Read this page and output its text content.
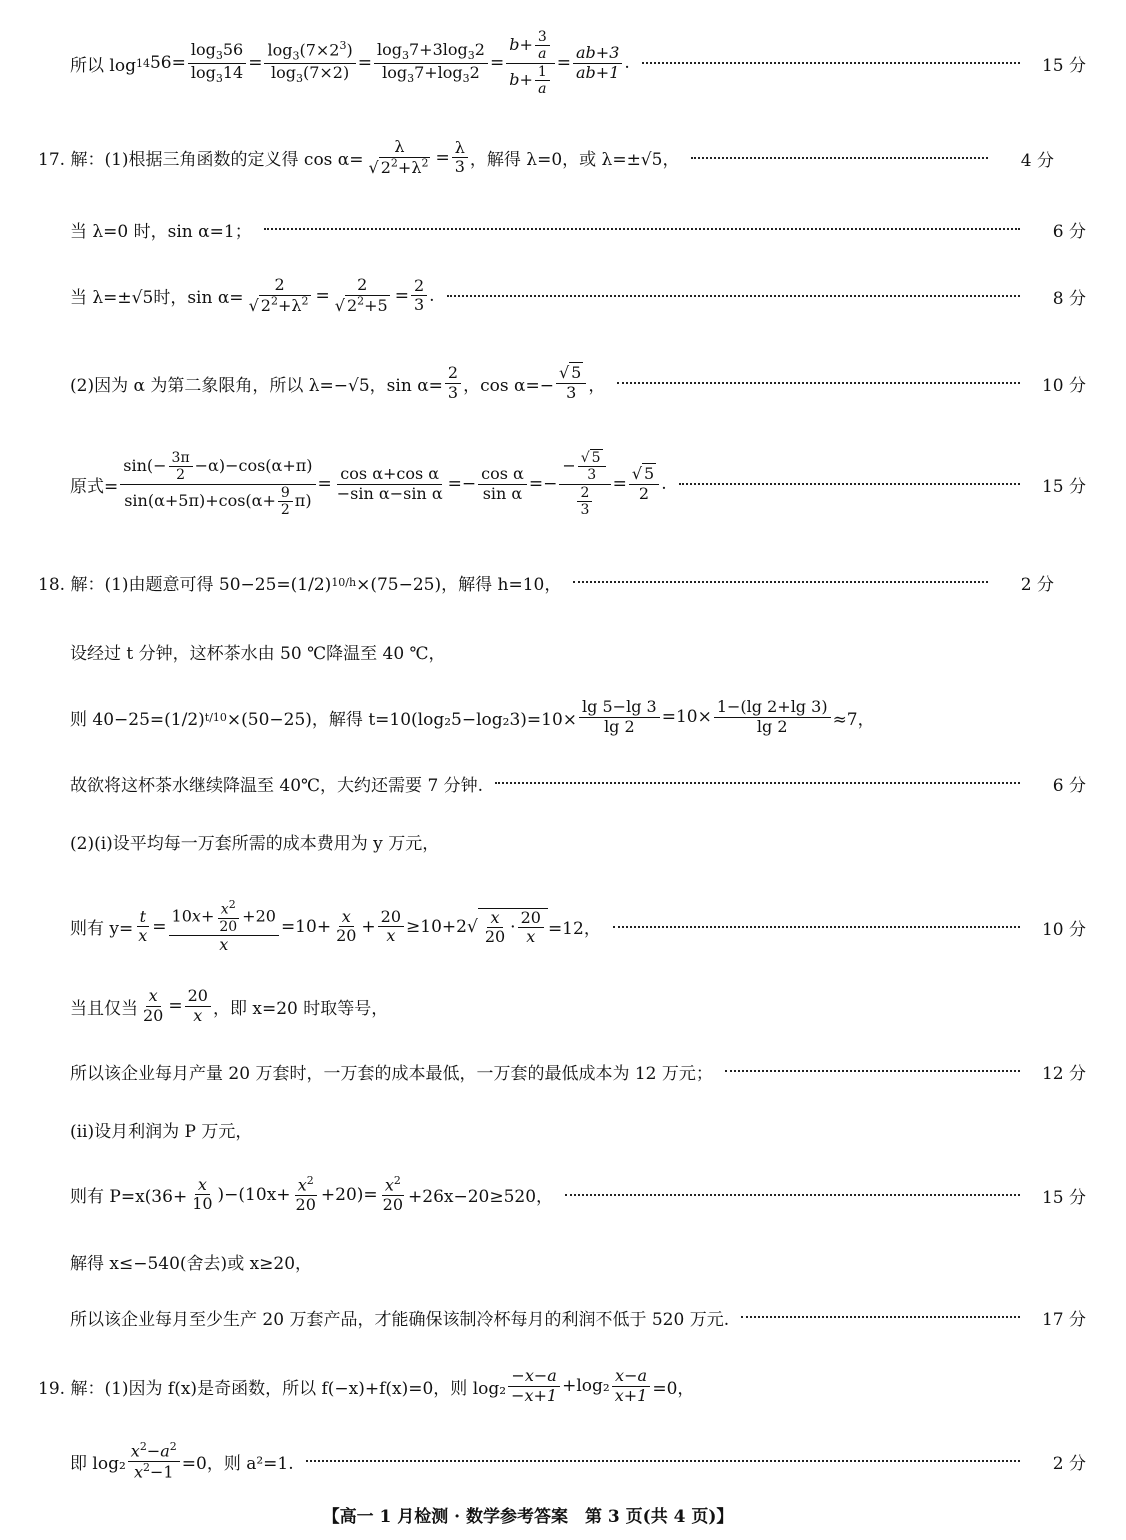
所以 log 14 $56= \frac{\log_356}{\log_314} = \frac{\log_3(7\times 2^3)}{\log_3(7\times 2)} = \frac{\log_37+3\log_32}{\log_37+\log_32} = \frac{b+ \frac{3}{a}}{b+ \frac{1}{a}} = \frac{ab+3}{ab+1}$ .	15 分
17. 解：(1)根据三角函数的定义得 cos α= λ
√ $2^2+\lambda^2 = \frac{\lambda}{3}$ ，解得 λ=0，或 λ=±√5，	4 分
当 λ=0 时，sin α=1；	6 分
当 λ=±√5时，sin α= 2
√ $2^2+\lambda^2 = 2$
√ $2^2+5 = \frac{2}{3}$ .	8 分
(2)因为 α 为第二象限角，所以 λ=−√5，$\sin \alpha= \frac{2}{3}$ ，cos α=−
√ $\frac{5}{3}$ ，	10 分
原式= $\frac{\sin(- \frac{3\pi}{2} -\alpha)-\cos(\alpha+\pi)}{\sin(\alpha+5\pi)+\cos(\alpha+ \frac{9}{2} \pi)} = \frac{\text{cos α+cos α}}{\text{−sin α−sin α}} =- \frac{\text{cos α}}{\text{sin α}}$ =− −
√ $\frac{5}{3}$
$\frac{2}{3}$ =
√ $\frac{5}{2}$ .	15 分
18. 解：(1)由题意可得 50−25=(1/2) 10/h ×(75−25)，解得 h=10，	2 分
设经过 t 分钟，这杯茶水由 50 ℃降温至 40 ℃，
则 40−25=(1/2) t/10 ×(50−25)，解得 $t=10(\log_25-\log_23)=10\times \frac{\lg 5-\lg 3}{\lg 2} =10\times \frac{1-(\lg 2+\lg 3)}{\lg 2} \approx 7$，
故欲将这杯茶水继续降温至 40℃，大约还需要 7 分钟.	6 分
(2)(ⅰ)设平均每一万套所需的成本费用为 y 万元，
则有 $y= \frac{t}{x} = \frac{10x+ \frac{x^2}{20} +20}{x} =10+ \frac{x}{20} + \frac{20}{x} \ge 10+2$
√ $\frac{x}{20} \cdot \frac{20}{x} =12$，	10 分
当且仅当 $\frac{x}{20} = \frac{20}{x}$ ，即 x=20 时取等号，
所以该企业每月产量 20 万套时，一万套的成本最低，一万套的最低成本为 12 万元；	12 分
(ⅱ)设月利润为 P 万元，
则有 $P=x(36+ \frac{x}{10} )-(10x+ \frac{x^2}{20} +20)= \frac{x^2}{20} +26x-20\ge 520$，	15 分
解得 x≤−540(舍去)或 x≥20，
所以该企业每月至少生产 20 万套产品，才能确保该制冷杯每月的利润不低于 520 万元.	17 分
19. 解：(1)因为 f(x)是奇函数，所以 f(−x)+f(x)=0，则 $\log_2 \frac{-x-a}{-x+1} +\log_2 \frac{x-a}{x+1} =0$，
即 $\log_2 \frac{x^2-a^2}{x^2-1} =0$，则 a²=1.	2 分
【高一 1 月检测 · 数学参考答案　第 3 页(共 4 页)】
